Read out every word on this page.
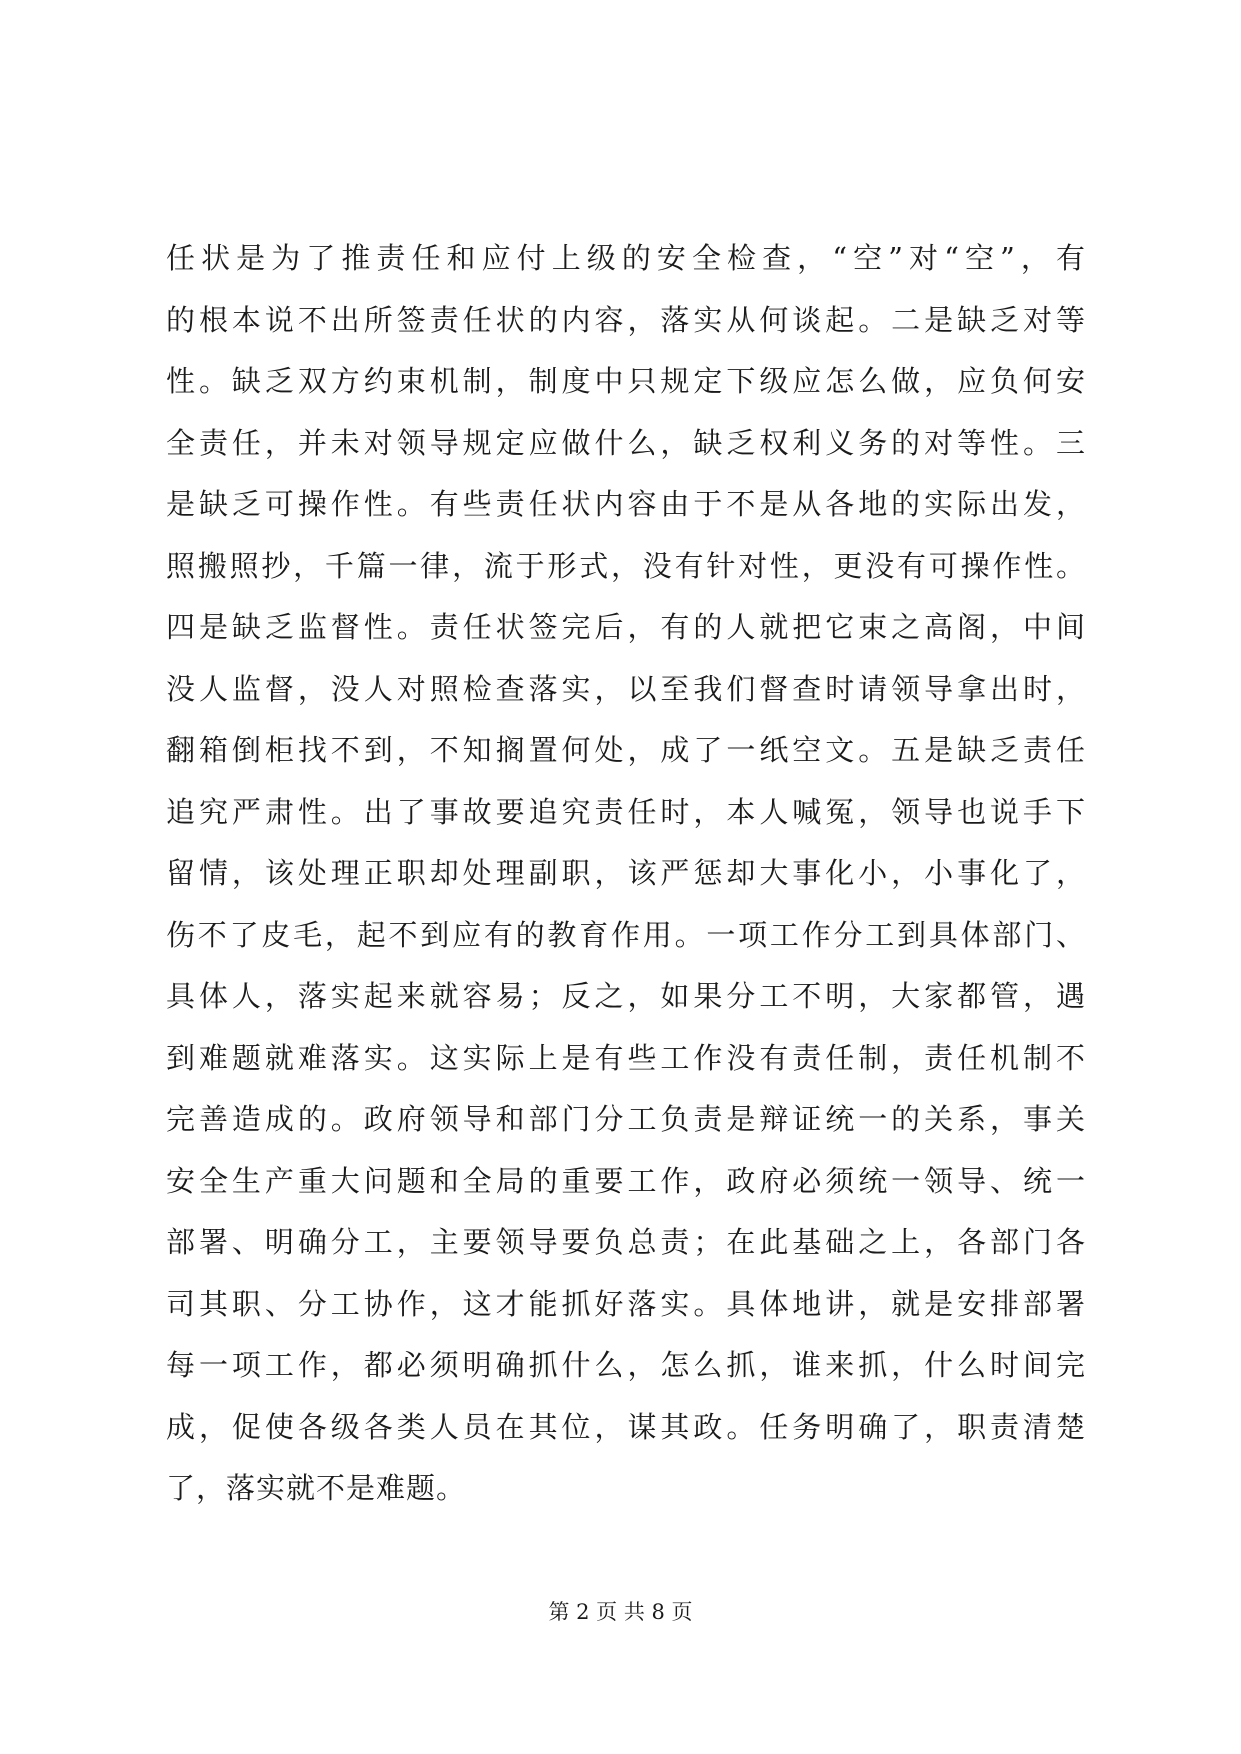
任状是为了推责任和应付上级的安全检查，“空”对“空”，有
的根本说不出所签责任状的内容，落实从何谈起。二是缺乏对等
性。缺乏双方约束机制，制度中只规定下级应怎么做，应负何安
全责任，并未对领导规定应做什么，缺乏权利义务的对等性。三
是缺乏可操作性。有些责任状内容由于不是从各地的实际出发，
照搬照抄，千篇一律，流于形式，没有针对性，更没有可操作性。
四是缺乏监督性。责任状签完后，有的人就把它束之高阁，中间
没人监督，没人对照检查落实，以至我们督查时请领导拿出时，
翻箱倒柜找不到，不知搁置何处，成了一纸空文。五是缺乏责任
追究严肃性。出了事故要追究责任时，本人喊冤，领导也说手下
留情，该处理正职却处理副职，该严惩却大事化小，小事化了，
伤不了皮毛，起不到应有的教育作用。一项工作分工到具体部门、
具体人，落实起来就容易；反之，如果分工不明，大家都管，遇
到难题就难落实。这实际上是有些工作没有责任制，责任机制不
完善造成的。政府领导和部门分工负责是辩证统一的关系，事关
安全生产重大问题和全局的重要工作，政府必须统一领导、统一
部署、明确分工，主要领导要负总责；在此基础之上，各部门各
司其职、分工协作，这才能抓好落实。具体地讲，就是安排部署
每一项工作，都必须明确抓什么，怎么抓，谁来抓，什么时间完
成，促使各级各类人员在其位，谋其政。任务明确了，职责清楚
了，落实就不是难题。
第 2 页 共 8 页
